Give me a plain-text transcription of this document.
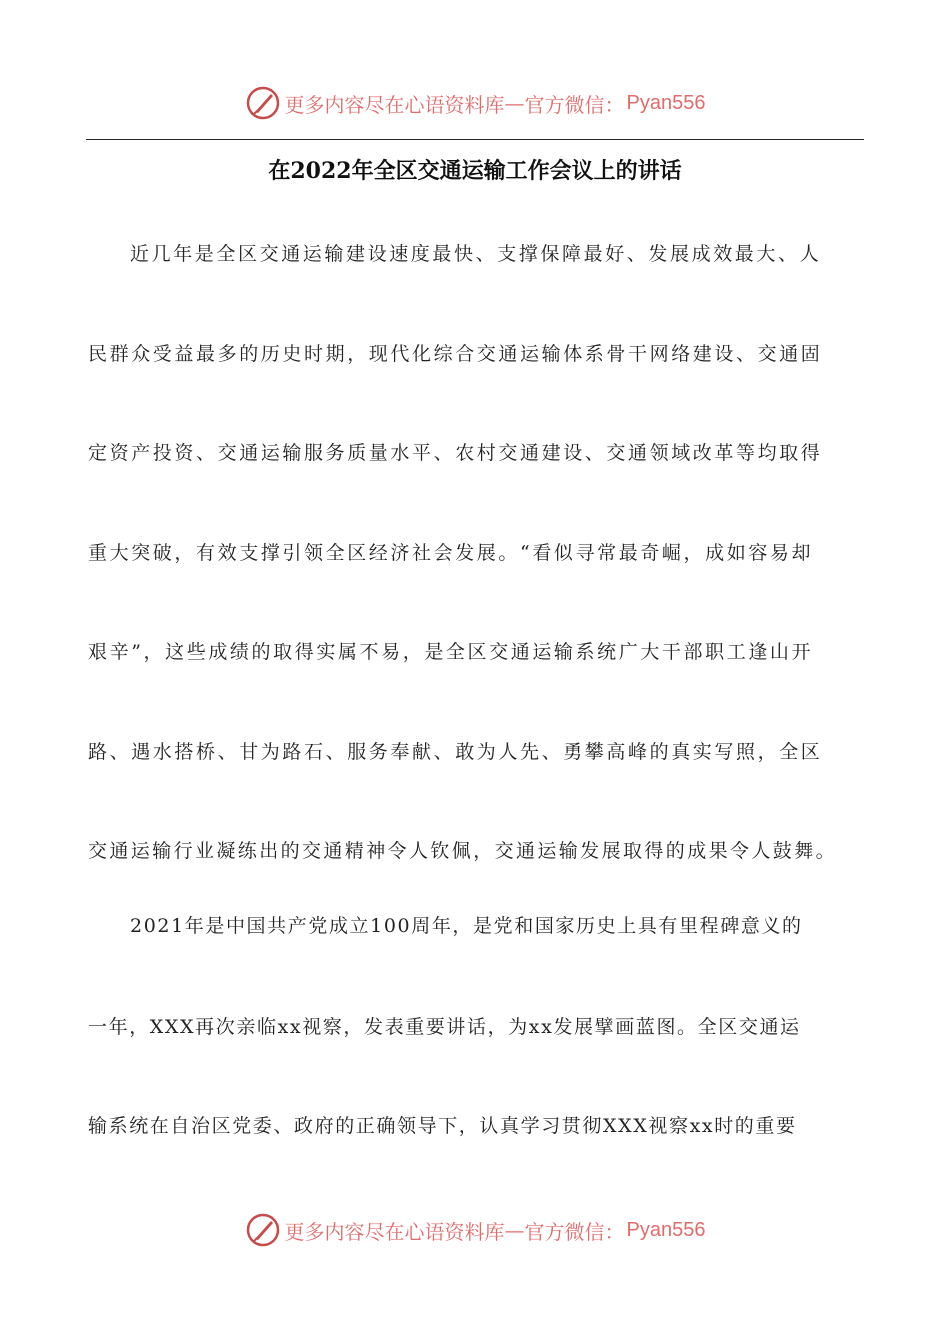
更多内容尽在心语资料库 — 官方微信： Pyan556
在2022年全区交通运输工作会议上的讲话
近几年是全区交通运输建设速度最快、支撑保障最好、发展成效最大、人
民群众受益最多的历史时期，现代化综合交通运输体系骨干网络建设、交通固
定资产投资、交通运输服务质量水平、农村交通建设、交通领域改革等均取得
重大突破，有效支撑引领全区经济社会发展。“看似寻常最奇崛，成如容易却
艰辛”，这些成绩的取得实属不易，是全区交通运输系统广大干部职工逢山开
路、遇水搭桥、甘为路石、服务奉献、敢为人先、勇攀高峰的真实写照，全区
交通运输行业凝练出的交通精神令人钦佩，交通运输发展取得的成果令人鼓舞。
2021年是中国共产党成立100周年，是党和国家历史上具有里程碑意义的
一年，XXX再次亲临xx视察，发表重要讲话，为xx发展擘画蓝图。全区交通运
输系统在自治区党委、政府的正确领导下，认真学习贯彻XXX视察xx时的重要
更多内容尽在心语资料库 — 官方微信： Pyan556
